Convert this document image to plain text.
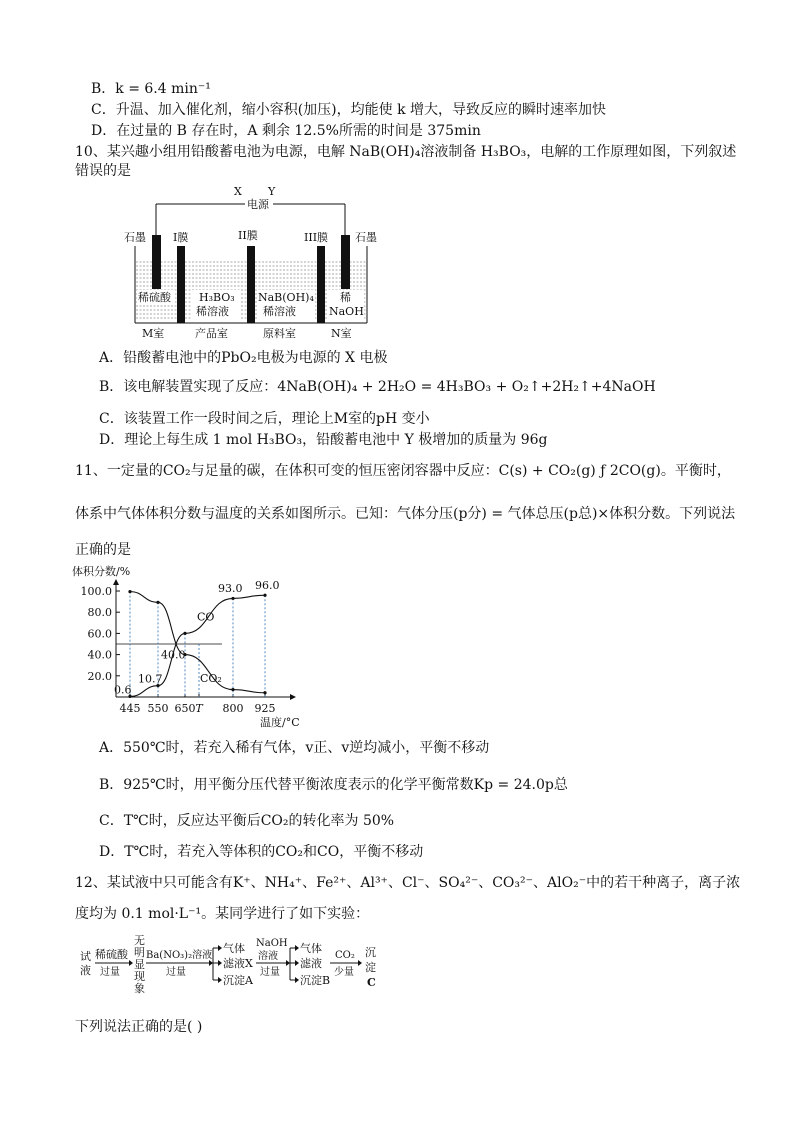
B．k = 6.4 min⁻¹
C．升温、加入催化剂，缩小容积(加压)，均能使 k 增大，导致反应的瞬时速率加快
D．在过量的 B 存在时，A 剩余 12.5%所需的时间是 375min
10、某兴趣小组用铅酸蓄电池为电源，电解 NaB(OH)₄溶液制备 H₃BO₃，电解的工作原理如图，下列叙述
错误的是
X Y
电源
石墨 I膜	II膜	III膜 石墨
稀硫酸	H₃BO₃
稀溶液
NaB(OH)₄
稀溶液
稀
NaOH
M室	产品室	原料室	N室
A．铅酸蓄电池中的PbO₂电极为电源的 X 电极
B．该电解装置实现了反应：4NaB(OH)₄ + 2H₂O = 4H₃BO₃ + O₂↑+2H₂↑+4NaOH
C．该装置工作一段时间之后，理论上M室的pH 变小
D．理论上每生成 1 mol H₃BO₃，铅酸蓄电池中 Y 极增加的质量为 96g
11、一定量的CO₂与足量的碳，在体积可变的恒压密闭容器中反应：C(s) + CO₂(g) ƒ 2CO(g)。平衡时，
体系中气体体积分数与温度的关系如图所示。已知：气体分压(p分) = 气体总压(p总)×体积分数。下列说法
正确的是
体积分数/%
温度/°C
20.0
40.0
60.0
80.0
100.0
445 550 650 T 800 925
CO
CO₂
93.0 96.0
40.0
10.7
0.6
A．550℃时，若充入稀有气体，v正、v逆均减小，平衡不移动
B．925℃时，用平衡分压代替平衡浓度表示的化学平衡常数Kp = 24.0p总
C．T℃时，反应达平衡后CO₂的转化率为 50%
D．T℃时，若充入等体积的CO₂和CO，平衡不移动
12、某试液中只可能含有K⁺、NH₄⁺、Fe²⁺、Al³⁺、Cl⁻、SO₄²⁻、CO₃²⁻、AlO₂⁻中的若干种离子，离子浓
度均为 0.1 mol·L⁻¹。某同学进行了如下实验：
试
液
稀硫酸
过量
无
明
显
现
象
Ba(NO₃)₂溶液
过量
气体
滤液X
沉淀A
NaOH
溶液
过量
气体
滤液
沉淀B
CO₂
少量
沉
淀
C
下列说法正确的是( )
